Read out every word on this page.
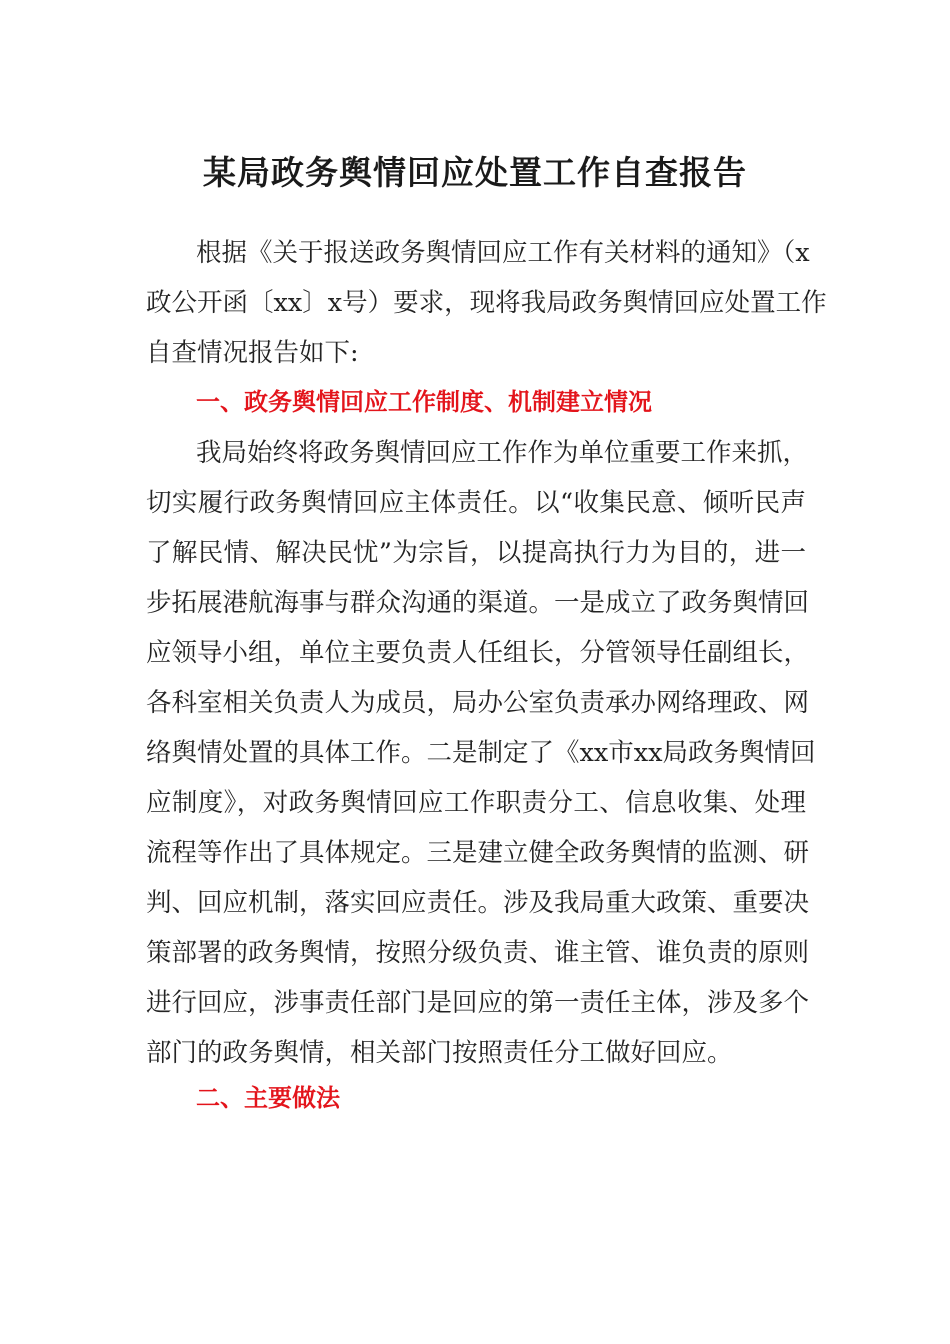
某局政务舆情回应处置工作自查报告
根据《关于报送政务舆情回应工作有关材料的通知》（x
政公开函〔xx〕x号）要求，现将我局政务舆情回应处置工作
自查情况报告如下:
一、政务舆情回应工作制度、机制建立情况
我局始终将政务舆情回应工作作为单位重要工作来抓，
切实履行政务舆情回应主体责任。以“收集民意、倾听民声
了解民情、解决民忧”为宗旨，以提高执行力为目的，进一
步拓展港航海事与群众沟通的渠道。一是成立了政务舆情回
应领导小组，单位主要负责人任组长，分管领导任副组长，
各科室相关负责人为成员，局办公室负责承办网络理政、网
络舆情处置的具体工作。二是制定了《xx市xx局政务舆情回
应制度》，对政务舆情回应工作职责分工、信息收集、处理
流程等作出了具体规定。三是建立健全政务舆情的监测、研
判、回应机制，落实回应责任。涉及我局重大政策、重要决
策部署的政务舆情，按照分级负责、谁主管、谁负责的原则
进行回应，涉事责任部门是回应的第一责任主体，涉及多个
部门的政务舆情，相关部门按照责任分工做好回应。
二、主要做法
